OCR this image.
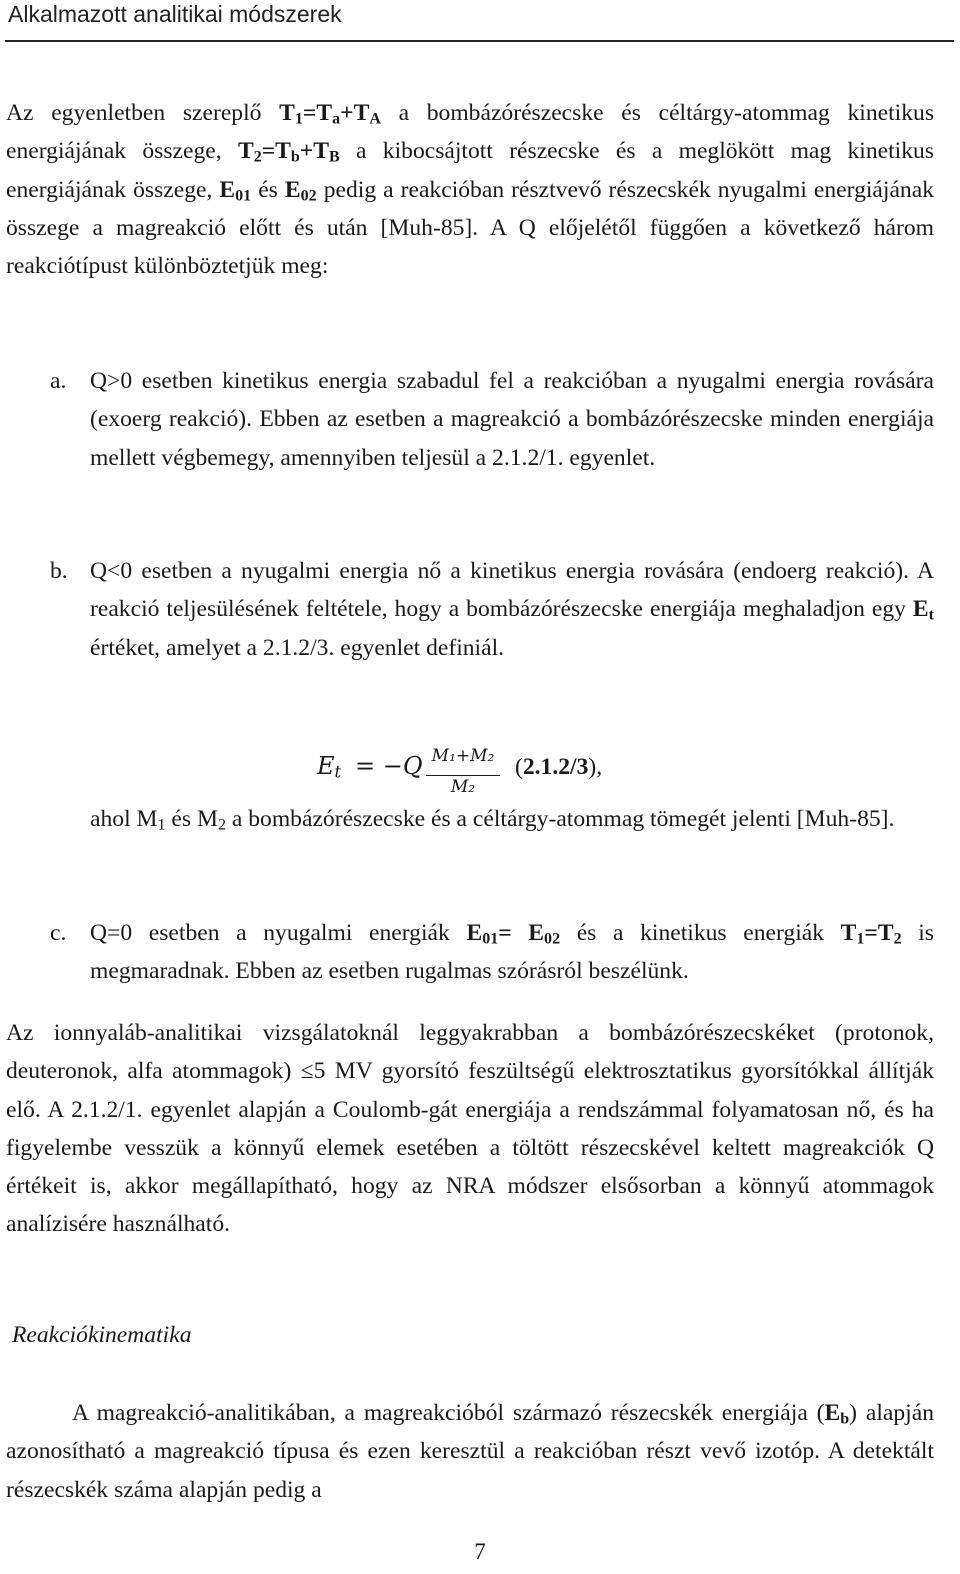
Alkalmazott analitikai módszerek
Az egyenletben szereplő $T_1=T_a+T_A$ a bombázórészecske és céltárgy-atommag kinetikus energiájának összege, $T_2=T_b+T_B$ a kibocsájtott részecske és a meglökött mag kinetikus energiájának összege, $E_{01}$ és $E_{02}$ pedig a reakcióban résztvevő részecskék nyugalmi energiájának összege a magreakció előtt és után [Muh-85]. A Q előjelétől függően a következő három reakciótípust különböztetjük meg:
a. Q>0 esetben kinetikus energia szabadul fel a reakcióban a nyugalmi energia rovására (exoerg reakció). Ebben az esetben a magreakció a bombázórészecske minden energiája mellett végbemegy, amennyiben teljesül a 2.1.2/1. egyenlet.
b. Q<0 esetben a nyugalmi energia nő a kinetikus energia rovására (endoerg reakció). A reakció teljesülésének feltétele, hogy a bombázórészecske energiája meghaladjon egy $E_t$ értéket, amelyet a 2.1.2/3. egyenlet definiál.
$E_t = -Q$ M₁+M₂
M₂
(2.1.2/3),
ahol $M_1$ és $M_2$ a bombázórészecske és a céltárgy-atommag tömegét jelenti [Muh-85].
c. Q=0 esetben a nyugalmi energiák $E_{01}= E_{02}$ és a kinetikus energiák $T_1=T_2$ is megmaradnak. Ebben az esetben rugalmas szórásról beszélünk.
Az ionnyaláb-analitikai vizsgálatoknál leggyakrabban a bombázórészecskéket (protonok, deuteronok, alfa atommagok) ≤5 MV gyorsító feszültségű elektrosztatikus gyorsítókkal állítják elő. A 2.1.2/1. egyenlet alapján a Coulomb-gát energiája a rendszámmal folyamatosan nő, és ha figyelembe vesszük a könnyű elemek esetében a töltött részecskével keltett magreakciók Q értékeit is, akkor megállapítható, hogy az NRA módszer elsősorban a könnyű atommagok analízisére használható.
Reakciókinematika
A magreakció-analitikában, a magreakcióból származó részecskék energiája $(E_b)$ alapján azonosítható a magreakció típusa és ezen keresztül a reakcióban részt vevő izotóp. A detektált részecskék száma alapján pedig a
7
